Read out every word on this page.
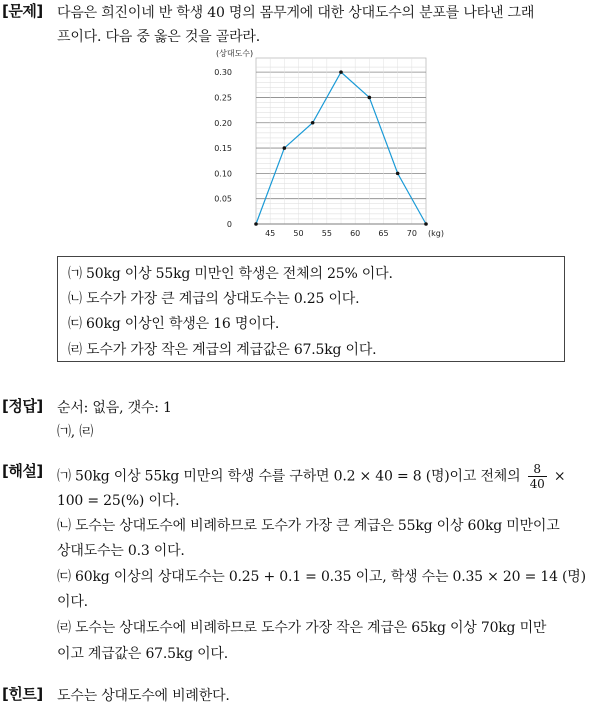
[문제] 다음은 희진이네 반 학생 40 명의 몸무게에 대한 상대도수의 분포를 나타낸 그래
프이다. 다음 중 옳은 것을 골라라.
0
0.05
0.10
0.15
0.20
0.25
0.30
45 50 55 60 65 70 (kg)
(상대도수)
㈀ 50kg 이상 55kg 미만인 학생은 전체의 25% 이다.
㈁ 도수가 가장 큰 계급의 상대도수는 0.25 이다.
㈂ 60kg 이상인 학생은 16 명이다.
㈃ 도수가 가장 작은 계급의 계급값은 67.5kg 이다.
[정답] 순서: 없음, 갯수: 1
㈀, ㈃
[해설] ㈀ 50kg 이상 55kg 미만의 학생 수를 구하면 0.2 × 40 = 8 (명)이고 전체의 $\frac{8}{40}$ ×
100 = 25(%) 이다.
㈁ 도수는 상대도수에 비례하므로 도수가 가장 큰 계급은 55kg 이상 60kg 미만이고
상대도수는 0.3 이다.
㈂ 60kg 이상의 상대도수는 0.25 + 0.1 = 0.35 이고, 학생 수는 0.35 × 20 = 14 (명)
이다.
㈃ 도수는 상대도수에 비례하므로 도수가 가장 작은 계급은 65kg 이상 70kg 미만
이고 계급값은 67.5kg 이다.
[힌트] 도수는 상대도수에 비례한다.
